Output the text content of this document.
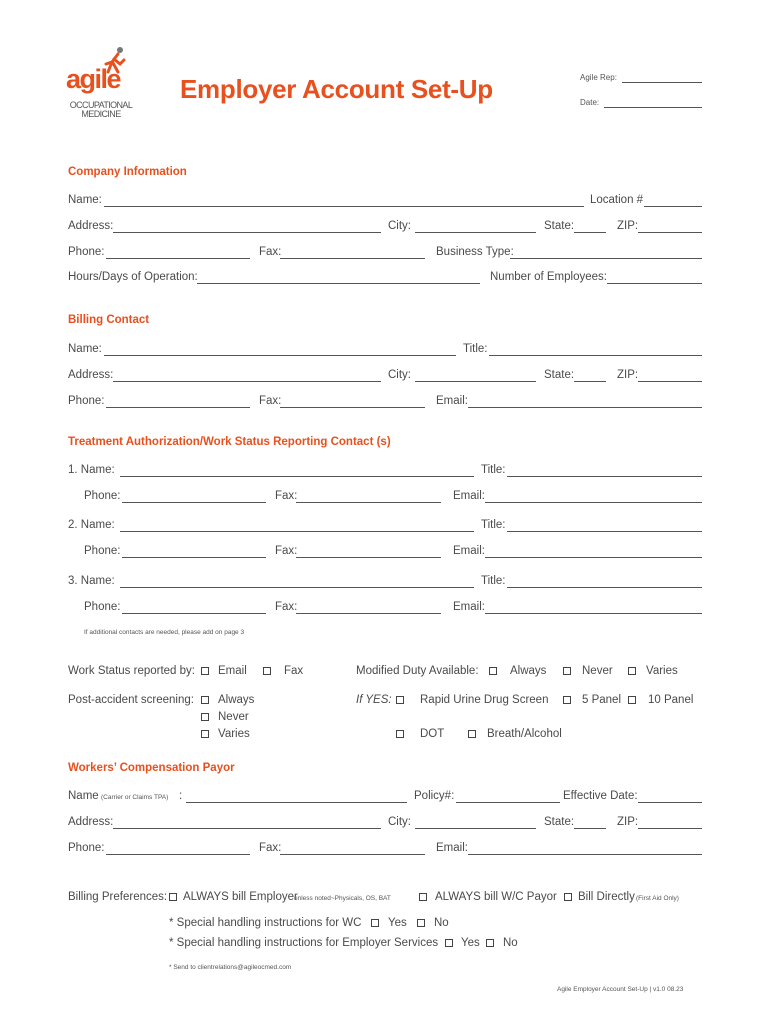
agile
OCCUPATIONAL
MEDICINE
Employer Account Set-Up	Agile Rep:
Date:
Company Information
Name:	Location #
Address:	City:	State:	ZIP:
Phone:	Fax:	Business Type:
Hours/Days of Operation:	Number of Employees:
Billing Contact
Name:	Title:
Address:	City:	State:	ZIP:
Phone:	Fax:	Email:
Treatment Authorization/Work Status Reporting Contact (s)
1. Name:	Title:
Phone:	Fax:	Email:
2. Name:	Title:
Phone:	Fax:	Email:
3. Name:	Title:
Phone:	Fax:	Email:
If additional contacts are needed, please add on page 3
Work Status reported by: Email	Fax	Modified Duty Available:	Always	Never	Varies
Post-accident screening: Always
Never
Varies
If YES: Rapid Urine Drug Screen	5 Panel 10 Panel
DOT	Breath/Alcohol
Workers’ Compensation Payor
Name (Carrier or Claims TPA) :	Policy#:	Effective Date:
Address:	City:	State:	ZIP:
Phone:	Fax:	Email:
Billing Preferences: ALWAYS bill Employer
unless noted~Physicals, OS, BAT	ALWAYS bill W/C Payor Bill Directly (First Aid Only)
* Special handling instructions for WC Yes No
* Special handling instructions for Employer Services Yes No
* Send to clientrelations@agileocmed.com
Agile Employer Account Set-Up | v1.0 08.23
